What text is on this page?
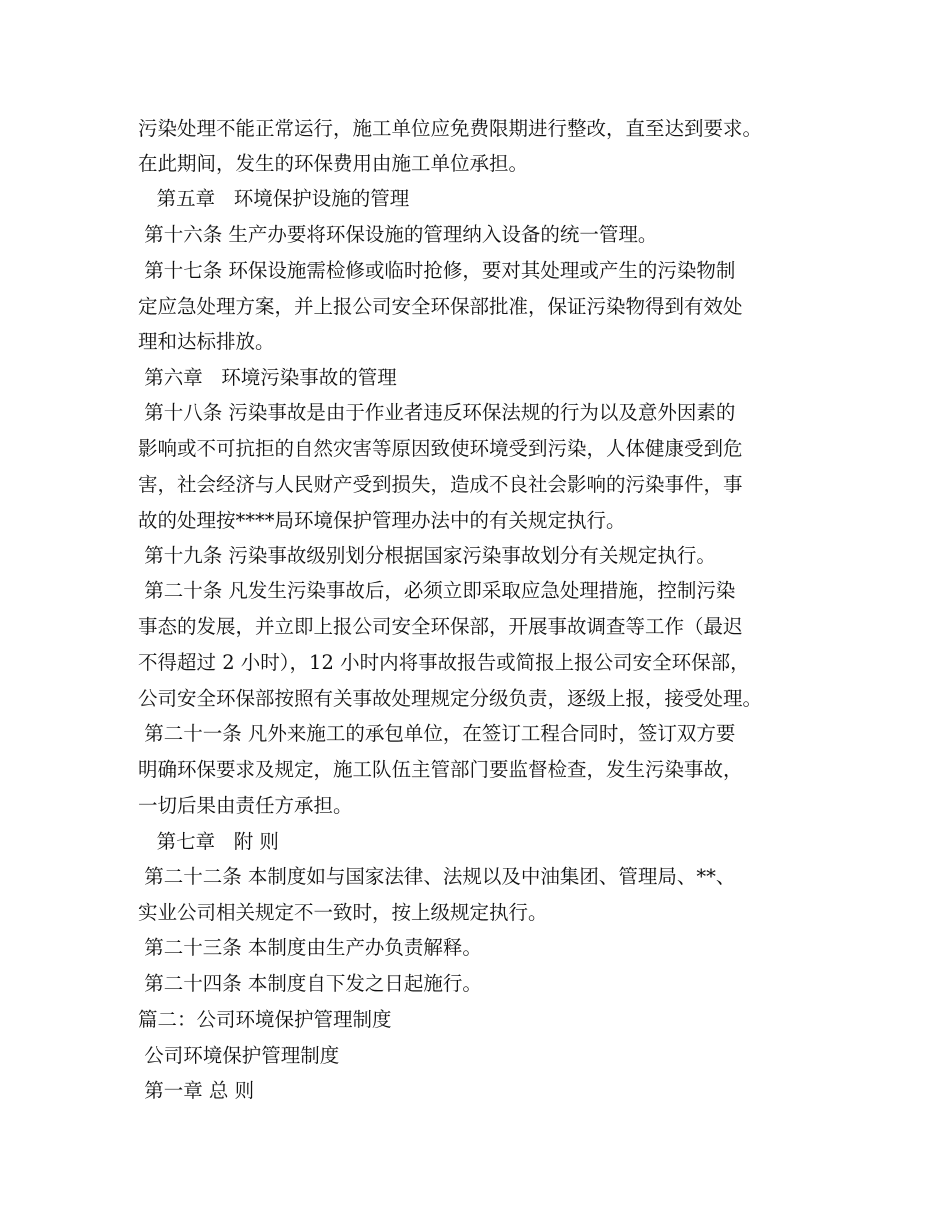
污染处理不能正常运行，施工单位应免费限期进行整改，直至达到要求。
在此期间，发生的环保费用由施工单位承担。
第五章   环境保护设施的管理
第十六条 生产办要将环保设施的管理纳入设备的统一管理。
第十七条 环保设施需检修或临时抢修，要对其处理或产生的污染物制
定应急处理方案，并上报公司安全环保部批准，保证污染物得到有效处
理和达标排放。
第六章   环境污染事故的管理
第十八条 污染事故是由于作业者违反环保法规的行为以及意外因素的
影响或不可抗拒的自然灾害等原因致使环境受到污染，人体健康受到危
害，社会经济与人民财产受到损失，造成不良社会影响的污染事件，事
故的处理按****局环境保护管理办法中的有关规定执行。
第十九条 污染事故级别划分根据国家污染事故划分有关规定执行。
第二十条 凡发生污染事故后，必须立即采取应急处理措施，控制污染
事态的发展，并立即上报公司安全环保部，开展事故调查等工作（最迟
不得超过 2 小时），12 小时内将事故报告或简报上报公司安全环保部，
公司安全环保部按照有关事故处理规定分级负责，逐级上报，接受处理。
第二十一条 凡外来施工的承包单位，在签订工程合同时，签订双方要
明确环保要求及规定，施工队伍主管部门要监督检查，发生污染事故，
一切后果由责任方承担。
第七章   附 则
第二十二条 本制度如与国家法律、法规以及中油集团、管理局、**、
实业公司相关规定不一致时，按上级规定执行。
第二十三条 本制度由生产办负责解释。
第二十四条 本制度自下发之日起施行。
篇二：公司环境保护管理制度
公司环境保护管理制度
第一章 总 则
